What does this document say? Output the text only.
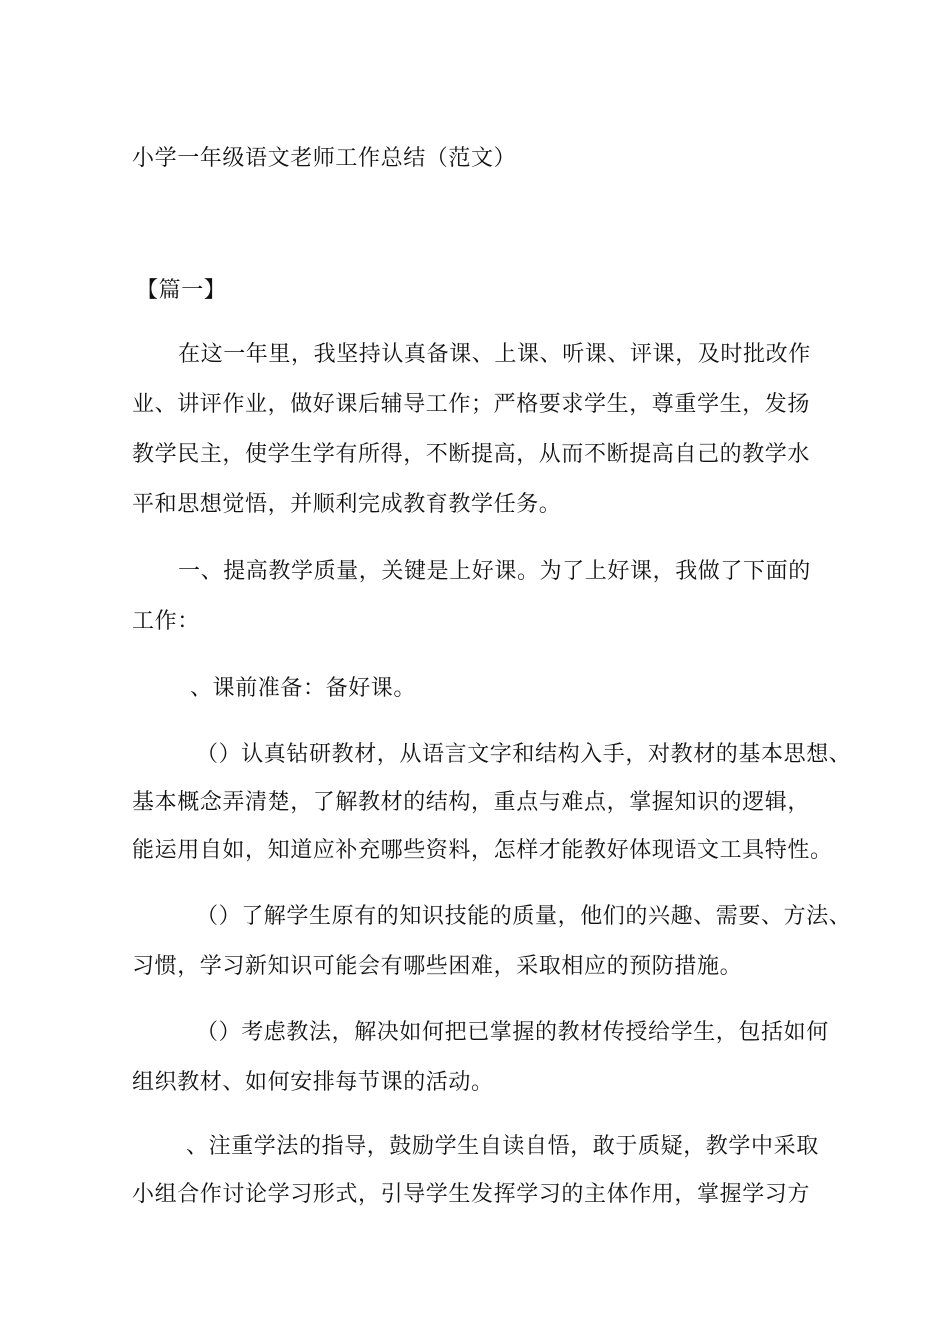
小学一年级语文老师工作总结（范文）
【篇一】
在这一年里，我坚持认真备课、上课、听课、评课，及时批改作
业、讲评作业，做好课后辅导工作；严格要求学生，尊重学生，发扬
教学民主，使学生学有所得，不断提高，从而不断提高自己的教学水
平和思想觉悟，并顺利完成教育教学任务。
一、提高教学质量，关键是上好课。为了上好课，我做了下面的
工作：
、课前准备：备好课。
（）认真钻研教材，从语言文字和结构入手，对教材的基本思想、
基本概念弄清楚，了解教材的结构，重点与难点，掌握知识的逻辑，
能运用自如，知道应补充哪些资料，怎样才能教好体现语文工具特性。
（）了解学生原有的知识技能的质量，他们的兴趣、需要、方法、
习惯，学习新知识可能会有哪些困难，采取相应的预防措施。
（）考虑教法，解决如何把已掌握的教材传授给学生，包括如何
组织教材、如何安排每节课的活动。
、注重学法的指导，鼓励学生自读自悟，敢于质疑，教学中采取
小组合作讨论学习形式，引导学生发挥学习的主体作用，掌握学习方
